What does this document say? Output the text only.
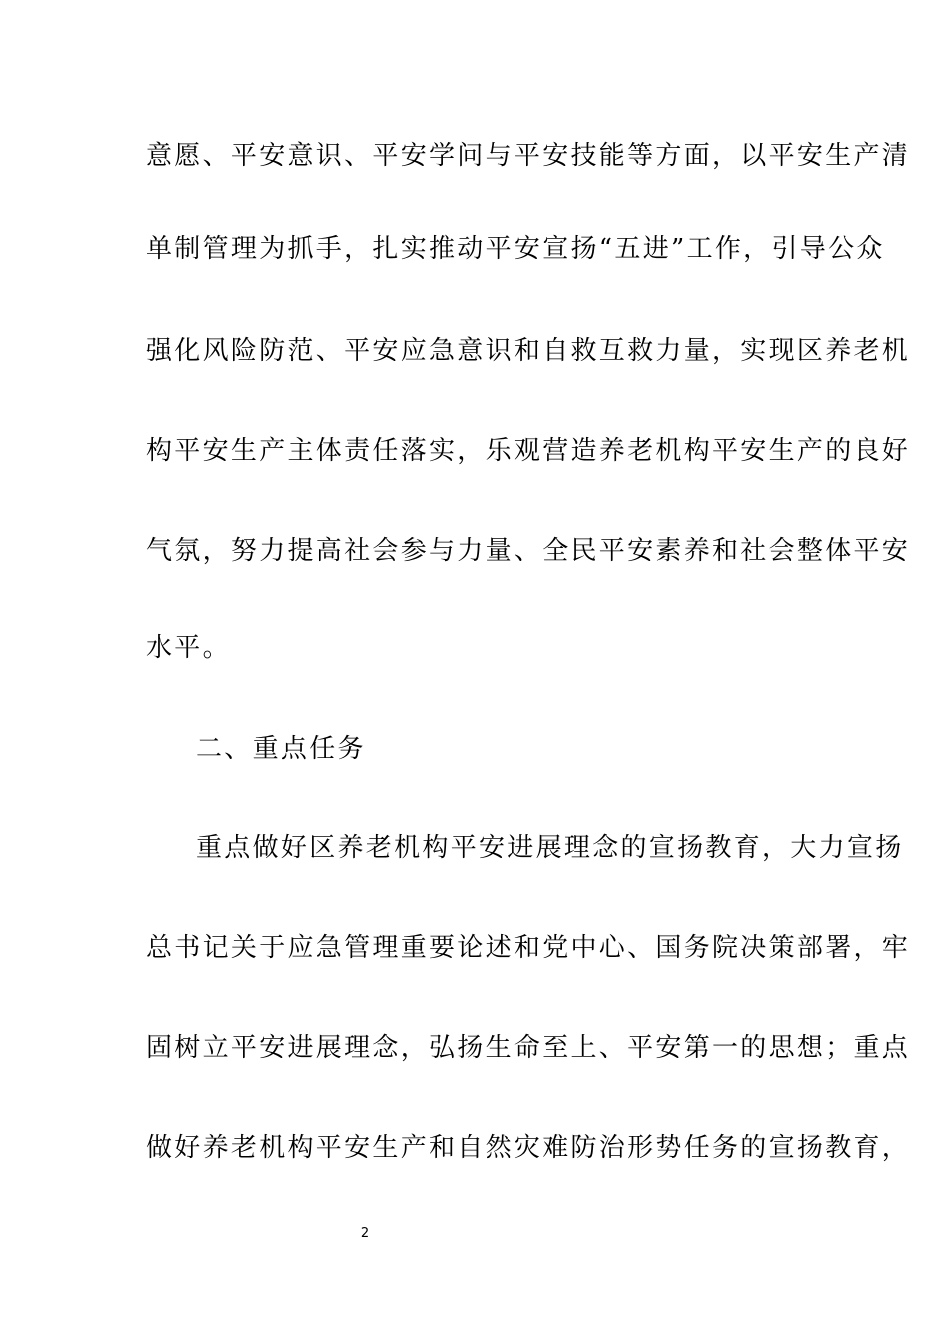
意愿、平安意识、平安学问与平安技能等方面，以平安生产清
单制管理为抓手，扎实推动平安宣扬“五进”工作，引导公众
强化风险防范、平安应急意识和自救互救力量，实现区养老机
构平安生产主体责任落实，乐观营造养老机构平安生产的良好
气氛，努力提高社会参与力量、全民平安素养和社会整体平安
水平。
二、重点任务
重点做好区养老机构平安进展理念的宣扬教育，大力宣扬
总书记关于应急管理重要论述和党中心、国务院决策部署，牢
固树立平安进展理念，弘扬生命至上、平安第一的思想；重点
做好养老机构平安生产和自然灾难防治形势任务的宣扬教育，
2
